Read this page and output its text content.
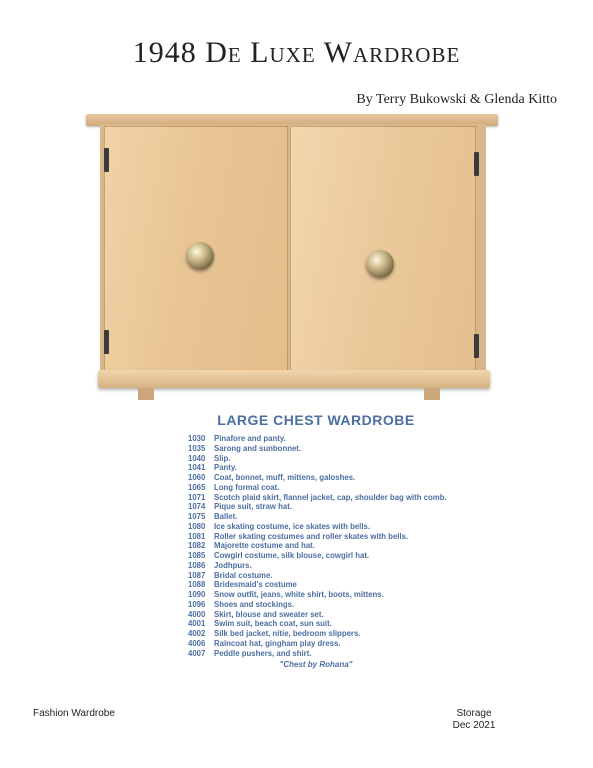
1948 De Luxe Wardrobe
By Terry Bukowski & Glenda Kitto
LARGE CHEST WARDROBE
1030	Pinafore and panty.
1035	Sarong and sunbonnet.
1040	Slip.
1041	Panty.
1060	Coat, bonnet, muff, mittens, galoshes.
1065	Long formal coat.
1071	Scotch plaid skirt, flannel jacket, cap, shoulder bag with comb.
1074	Pique suit, straw hat.
1075	Ballet.
1080	Ice skating costume, ice skates with bells.
1081	Roller skating costumes and roller skates with bells.
1082	Majorette costume and hat.
1085	Cowgirl costume, silk blouse, cowgirl hat.
1086	Jodhpurs.
1087	Bridal costume.
1088	Bridesmaid's costume
1090	Snow outfit, jeans, white shirt, boots, mittens.
1096	Shoes and stockings.
4000	Skirt, blouse and sweater set.
4001	Swim suit, beach coat, sun suit.
4002	Silk bed jacket, nitie, bedroom slippers.
4006	Raincoat hat, gingham play dress.
4007	Peddle pushers, and shirt.
"Chest by Rohana"
Fashion Wardrobe	Storage
Dec 2021
